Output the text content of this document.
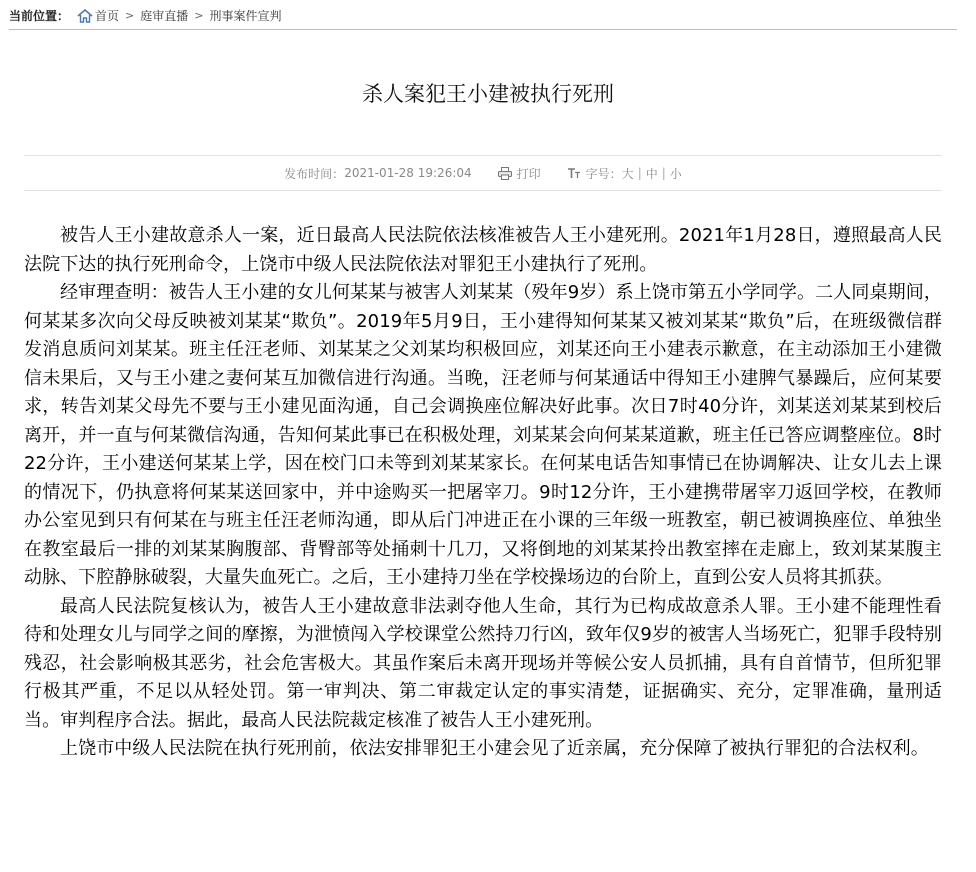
当前位置： 首页 > 庭审直播 > 刑事案件宣判
杀人案犯王小建被执行死刑
发布时间： 2021-01-28 19:26:04	打印	字号： 大 | 中 | 小

被告人王小建故意杀人一案，近日最高人民法院依法核准被告人王小建死刑。2021年1月28日，遵照最高人民法院下达的执行死刑命令，上饶市中级人民法院依法对罪犯王小建执行了死刑。

经审理查明：被告人王小建的女儿何某某与被害人刘某某（殁年9岁）系上饶市第五小学同学。二人同桌期间，何某某多次向父母反映被刘某某“欺负”。2019年5月9日，王小建得知何某某又被刘某某“欺负”后，在班级微信群发消息质问刘某某。班主任汪老师、刘某某之父刘某均积极回应，刘某还向王小建表示歉意，在主动添加王小建微信未果后，又与王小建之妻何某互加微信进行沟通。当晚，汪老师与何某通话中得知王小建脾气暴躁后，应何某要求，转告刘某父母先不要与王小建见面沟通，自己会调换座位解决好此事。次日7时40分许，刘某送刘某某到校后离开，并一直与何某微信沟通，告知何某此事已在积极处理，刘某某会向何某某道歉，班主任已答应调整座位。8时22分许，王小建送何某某上学，因在校门口未等到刘某某家长。在何某电话告知事情已在协调解决、让女儿去上课的情况下，仍执意将何某某送回家中，并中途购买一把屠宰刀。9时12分许，王小建携带屠宰刀返回学校，在教师办公室见到只有何某在与班主任汪老师沟通，即从后门冲进正在小课的三年级一班教室，朝已被调换座位、单独坐在教室最后一排的刘某某胸腹部、背臀部等处捅刺十几刀，又将倒地的刘某某拎出教室摔在走廊上，致刘某某腹主动脉、下腔静脉破裂，大量失血死亡。之后，王小建持刀坐在学校操场边的台阶上，直到公安人员将其抓获。

最高人民法院复核认为，被告人王小建故意非法剥夺他人生命，其行为已构成故意杀人罪。王小建不能理性看待和处理女儿与同学之间的摩擦，为泄愤闯入学校课堂公然持刀行凶，致年仅9岁的被害人当场死亡，犯罪手段特别残忍，社会影响极其恶劣，社会危害极大。其虽作案后未离开现场并等候公安人员抓捕，具有自首情节，但所犯罪行极其严重，不足以从轻处罚。第一审判决、第二审裁定认定的事实清楚，证据确实、充分，定罪准确，量刑适当。审判程序合法。据此，最高人民法院裁定核准了被告人王小建死刑。

上饶市中级人民法院在执行死刑前，依法安排罪犯王小建会见了近亲属，充分保障了被执行罪犯的合法权利。
